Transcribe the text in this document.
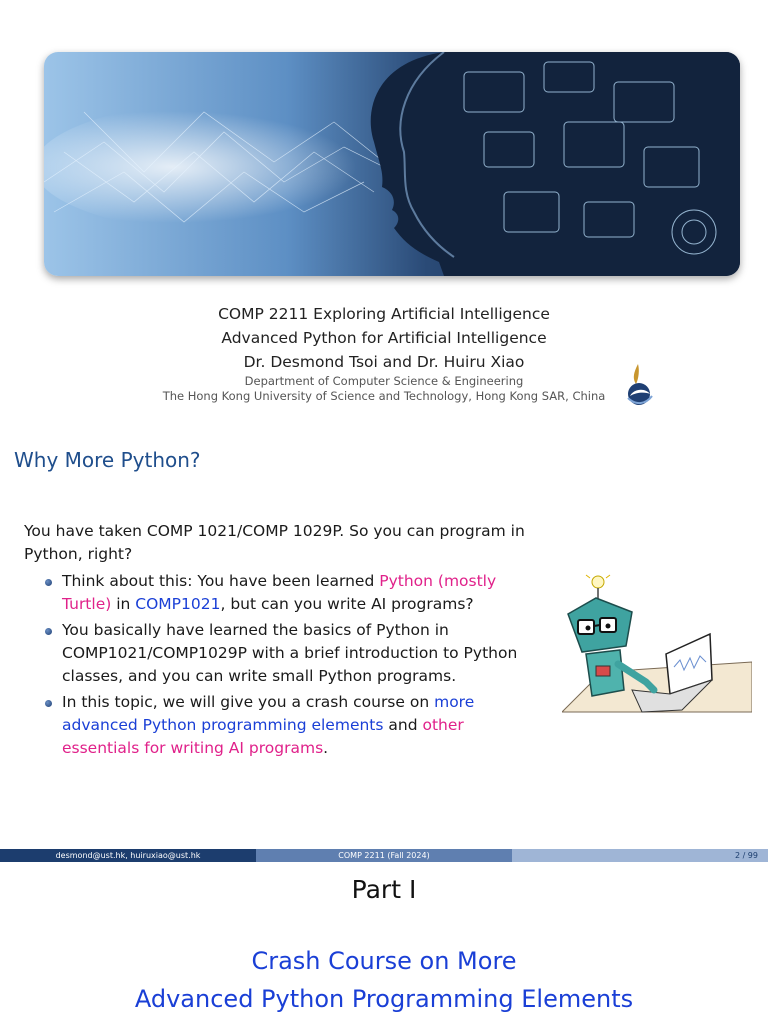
COMP 2211 Exploring Artificial Intelligence
Advanced Python for Artificial Intelligence
Dr. Desmond Tsoi and Dr. Huiru Xiao
Department of Computer Science & Engineering
The Hong Kong University of Science and Technology, Hong Kong SAR, China
Why More Python?

You have taken COMP 1021/COMP 1029P. So you can program in Python, right?

Think about this: You have been learned Python (mostly Turtle) in COMP1021, but can you write AI programs?
You basically have learned the basics of Python in COMP1021/COMP1029P with a brief introduction to Python classes, and you can write small Python programs.
In this topic, we will give you a crash course on more advanced Python programming elements and other essentials for writing AI programs.
desmond@ust.hk, huiruxiao@ust.hk	COMP 2211 (Fall 2024)	2 / 99
Part I
Crash Course on More
Advanced Python Programming Elements
